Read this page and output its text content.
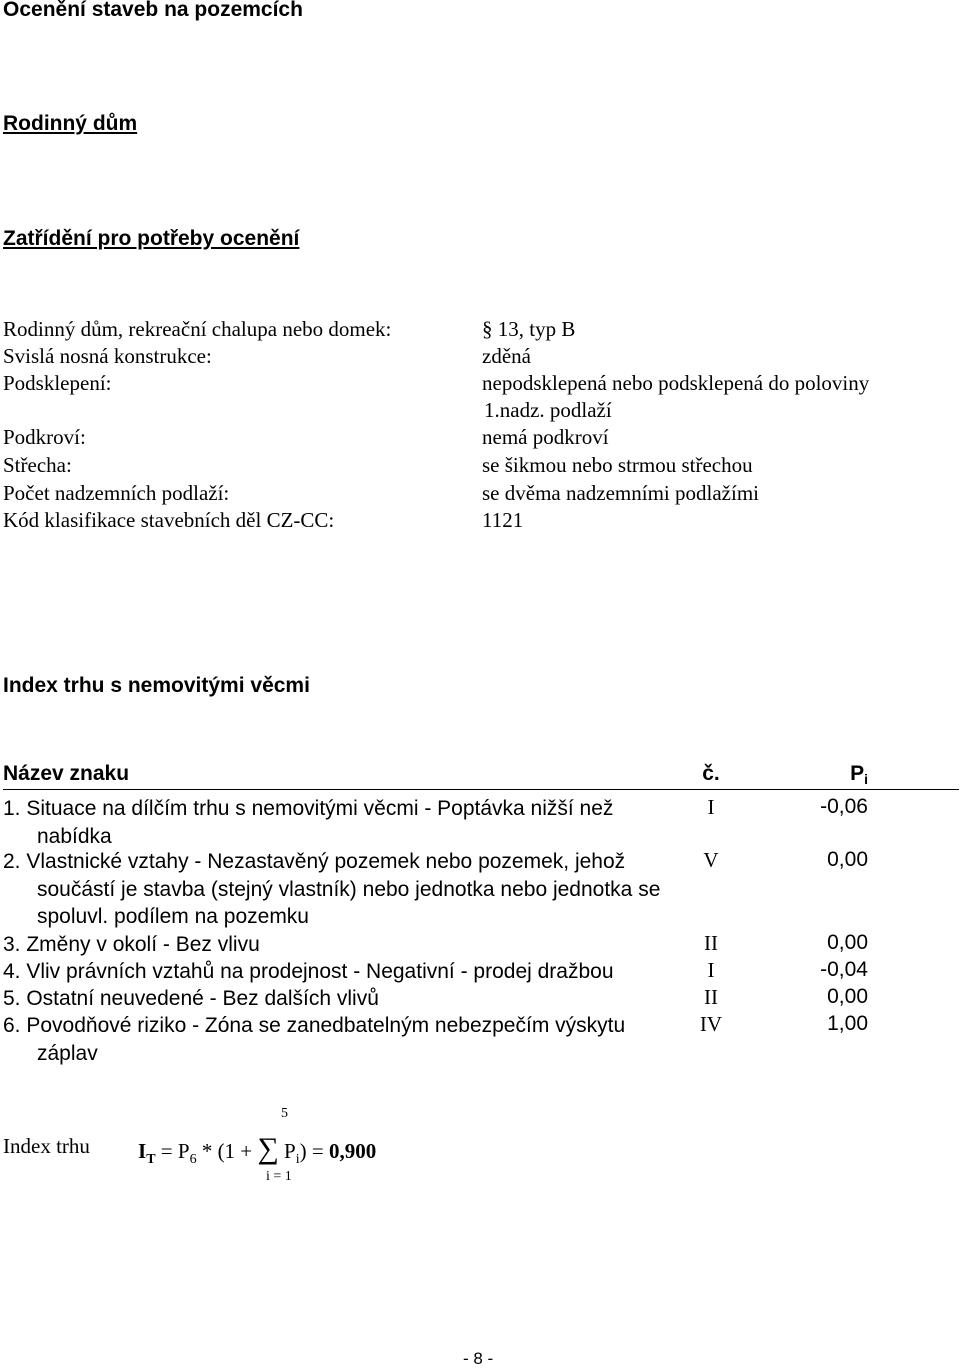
Ocenění staveb na pozemcích
Rodinný dům
Zatřídění pro potřeby ocenění
Rodinný dům, rekreační chalupa nebo domek:	§ 13, typ B
Svislá nosná konstrukce:	zděná
Podsklepení:	nepodsklepená nebo podsklepená do poloviny
1.nadz. podlaží
Podkroví:	nemá podkroví
Střecha:	se šikmou nebo strmou střechou
Počet nadzemních podlaží:	se dvěma nadzemními podlažími
Kód klasifikace stavebních děl CZ-CC:	1121
Index trhu s nemovitými věcmi
Název znaku	č.	Pi
1. Situace na dílčím trhu s nemovitými věcmi - Poptávka nižší než
nabídka
I	-0,06
2. Vlastnické vztahy - Nezastavěný pozemek nebo pozemek, jehož
součástí je stavba (stejný vlastník) nebo jednotka nebo jednotka se
spoluvl. podílem na pozemku
V	0,00
3. Změny v okolí - Bez vlivu	II	0,00
4. Vliv právních vztahů na prodejnost - Negativní - prodej dražbou	I	-0,04
5. Ostatní neuvedené - Bez dalších vlivů	II	0,00
6. Povodňové riziko - Zóna se zanedbatelným nebezpečím výskytu
záplav
IV	1,00
5
Index trhu $I_T = P_6 * (1$ + ∑ $P_i) = 0,900$
i = 1
- 8 -
